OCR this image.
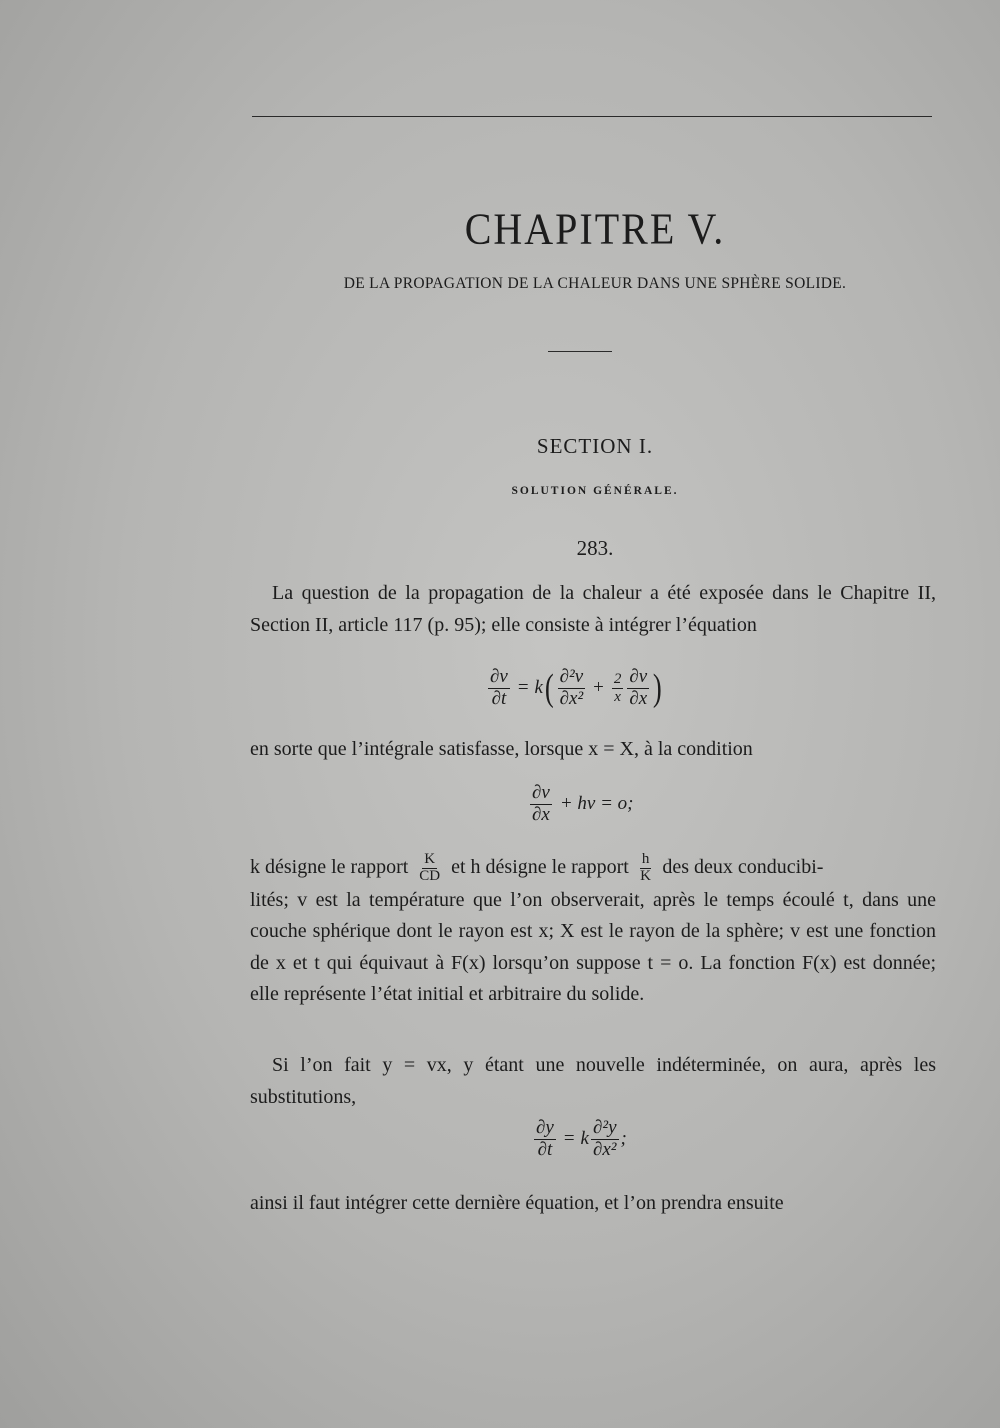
CHAPITRE V.
DE LA PROPAGATION DE LA CHALEUR DANS UNE SPHÈRE SOLIDE.
SECTION I.
SOLUTION GÉNÉRALE.
283.

La question de la propagation de la chaleur a été exposée dans le Chapitre II, Section II, article 117 (p. 95); elle consiste à intégrer l’équation

$\frac{\partial v}{\partial t} = k$ ( $\frac{\text{∂²v}}{\text{∂x²}} + \frac{2}{x} \frac{\partial v}{\partial x}$ )

en sorte que l’intégrale satisfasse, lorsque x = X, à la condition

$\frac{\partial v}{\partial x}$ + hv = o;

k désigne le rapport $\frac{K}{CD}$ et h désigne le rapport $\frac{h}{K}$ des deux conducibi-

lités; v est la température que l’on observerait, après le temps écoulé t, dans une couche sphérique dont le rayon est x; X est le rayon de la sphère; v est une fonction de x et t qui équivaut à F(x) lorsqu’on suppose t = o. La fonction F(x) est donnée; elle représente l’état initial et arbitraire du solide.

Si l’on fait y = vx, y étant une nouvelle indéterminée, on aura, après les substitutions,

$\frac{\partial y}{\partial t} = k \frac{\text{∂²y}}{\text{∂x²}}$ ;

ainsi il faut intégrer cette dernière équation, et l’on prendra ensuite
